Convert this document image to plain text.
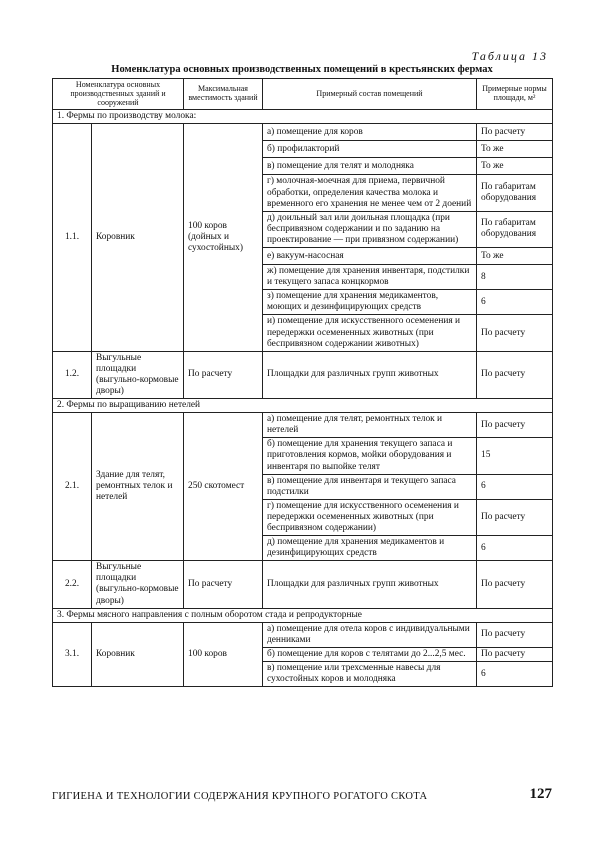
Таблица 13
Номенклатура основных производственных помещений в крестьянских фермах
Номенклатура основных производственных зданий и сооружений		Максимальная вместимость зданий	Примерный состав помещений	Примерные нормы площади, м²
1. Фермы по производству молока:				
1.1.	Коровник	100 коров (дойных и сухостойных)	а) помещение для коров	По расчету
			б) профилакторий	То же
			в) помещение для телят и молодняка	То же
			г) молочная-моечная для приема, первичной обработки, определения качества молока и временного его хранения не менее чем от 2 доений	По габаритам оборудования
			д) доильный зал или доильная площадка (при беспривязном содержании и по заданию на проектирование — при привязном содержании)	По габаритам оборудования
			е) вакуум-насосная	То же
			ж) помещение для хранения инвентаря, подстилки и текущего запаса концкормов	8
			з) помещение для хранения медикаментов, моющих и дезинфицирующих средств	6
			и) помещение для искусственного осеменения и передержки осемененных животных (при беспривязном содержании животных)	По расчету
1.2.	Выгульные площадки (выгульно-кормовые дворы)	По расчету	Площадки для различных групп животных	По расчету
2. Фермы по выращиванию нетелей				
2.1.	Здание для телят, ремонтных телок и нетелей	250 скотомест	а) помещение для телят, ремонтных телок и нетелей	По расчету
			б) помещение для хранения текущего запаса и приготовления кормов, мойки оборудования и инвентаря по выпойке телят	15
			в) помещение для инвентаря и текущего запаса подстилки	6
			г) помещение для искусственного осеменения и передержки осемененных животных (при беспривязном содержании)	По расчету
			д) помещение для хранения медикаментов и дезинфицирующих средств	6
2.2.	Выгульные площадки (выгульно-кормовые дворы)	По расчету	Площадки для различных групп животных	По расчету
3. Фермы мясного направления с полным оборотом стада и репродукторные				
3.1.	Коровник	100 коров	а) помещение для отела коров с индивидуальными денниками	По расчету
			б) помещение для коров с телятами до 2...2,5 мес.	По расчету
			в) помещение или трехсменные навесы для сухостойных коров и молодняка	6
ГИГИЕНА И ТЕХНОЛОГИИ СОДЕРЖАНИЯ КРУПНОГО РОГАТОГО СКОТА	127
